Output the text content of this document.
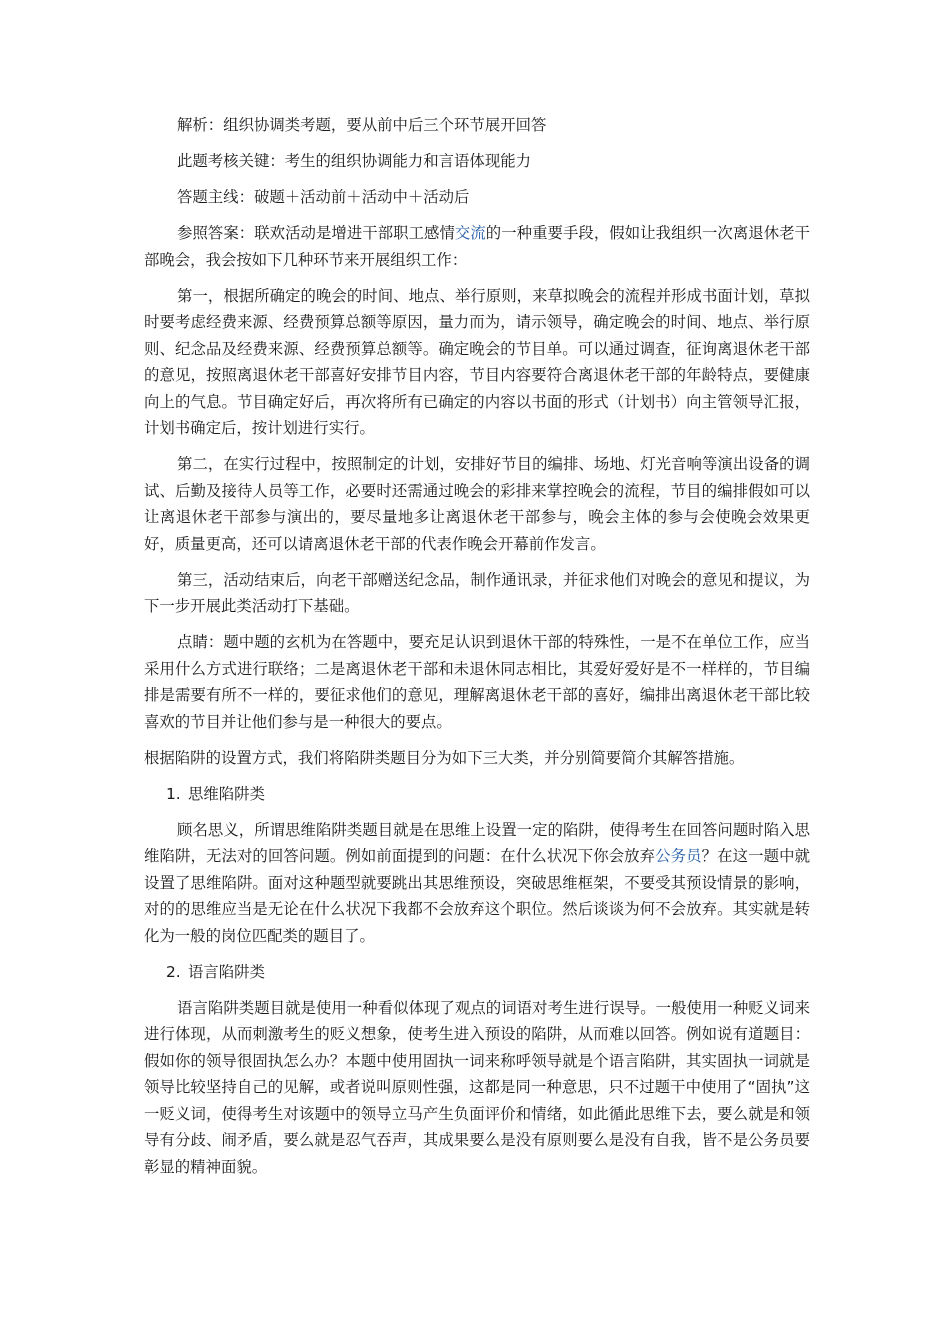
解析：组织协调类考题，要从前中后三个环节展开回答

此题考核关键：考生的组织协调能力和言语体现能力

答题主线：破题＋活动前＋活动中＋活动后

参照答案：联欢活动是增进干部职工感情交流的一种重要手段，假如让我组织一次离退休老干部晚会，我会按如下几种环节来开展组织工作：

第一，根据所确定的晚会的时间、地点、举行原则，来草拟晚会的流程并形成书面计划，草拟时要考虑经费来源、经费预算总额等原因，量力而为，请示领导，确定晚会的时间、地点、举行原则、纪念品及经费来源、经费预算总额等。确定晚会的节目单。可以通过调查，征询离退休老干部的意见，按照离退休老干部喜好安排节目内容，节目内容要符合离退休老干部的年龄特点，要健康向上的气息。节目确定好后，再次将所有已确定的内容以书面的形式（计划书）向主管领导汇报，计划书确定后，按计划进行实行。

第二，在实行过程中，按照制定的计划，安排好节目的编排、场地、灯光音响等演出设备的调试、后勤及接待人员等工作，必要时还需通过晚会的彩排来掌控晚会的流程，节目的编排假如可以让离退休老干部参与演出的，要尽量地多让离退休老干部参与，晚会主体的参与会使晚会效果更好，质量更高，还可以请离退休老干部的代表作晚会开幕前作发言。

第三，活动结束后，向老干部赠送纪念品，制作通讯录，并征求他们对晚会的意见和提议，为下一步开展此类活动打下基础。

点睛：题中题的玄机为在答题中，要充足认识到退休干部的特殊性，一是不在单位工作，应当采用什么方式进行联络；二是离退休老干部和未退休同志相比，其爱好爱好是不一样样的，节目编排是需要有所不一样的，要征求他们的意见，理解离退休老干部的喜好，编排出离退休老干部比较喜欢的节目并让他们参与是一种很大的要点。

根据陷阱的设置方式，我们将陷阱类题目分为如下三大类，并分别简要简介其解答措施。

1. 思维陷阱类

顾名思义，所谓思维陷阱类题目就是在思维上设置一定的陷阱，使得考生在回答问题时陷入思维陷阱，无法对的回答问题。例如前面提到的问题：在什么状况下你会放弃公务员？在这一题中就设置了思维陷阱。面对这种题型就要跳出其思维预设，突破思维框架，不要受其预设情景的影响，对的的思维应当是无论在什么状况下我都不会放弃这个职位。然后谈谈为何不会放弃。其实就是转化为一般的岗位匹配类的题目了。

2. 语言陷阱类

语言陷阱类题目就是使用一种看似体现了观点的词语对考生进行误导。一般使用一种贬义词来进行体现，从而刺激考生的贬义想象，使考生进入预设的陷阱，从而难以回答。例如说有道题目：假如你的领导很固执怎么办？本题中使用固执一词来称呼领导就是个语言陷阱，其实固执一词就是领导比较坚持自己的见解，或者说叫原则性强，这都是同一种意思，只不过题干中使用了“固执”这一贬义词，使得考生对该题中的领导立马产生负面评价和情绪，如此循此思维下去，要么就是和领导有分歧、闹矛盾，要么就是忍气吞声，其成果要么是没有原则要么是没有自我，皆不是公务员要彰显的精神面貌。
